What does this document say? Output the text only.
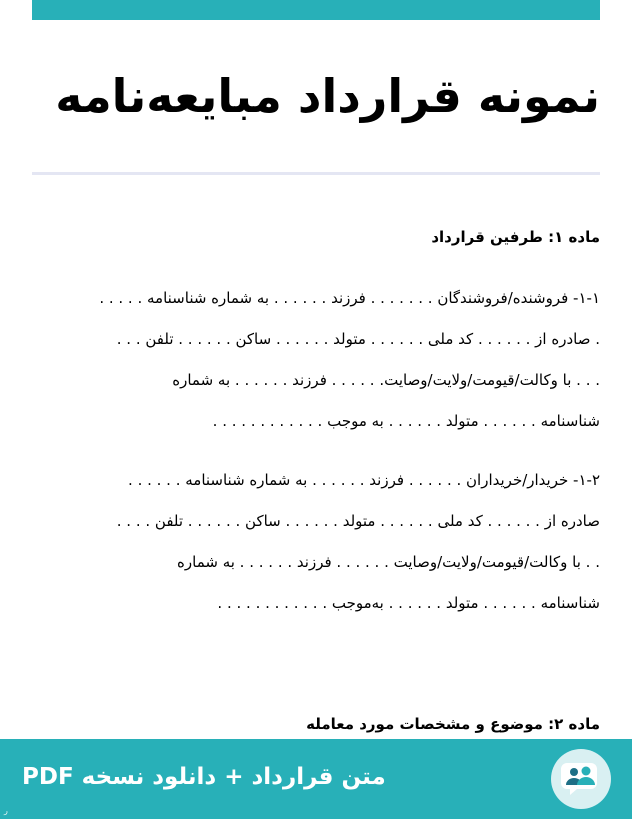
نمونه قرارداد مبایعه‌نامه
ماده ۱: طرفین قرارداد
۱-۱- فروشنده/فروشندگان . . . . . . . فرزند . . . . . . به شماره شناسنامه . . . . .
. صادره از . . . . . . کد ملی . . . . . . متولد . . . . . . ساکن . . . . . . تلفن . . .
. . . با وکالت/قیومت/ولایت/وصایت. . . . . . فرزند . . . . . . به شماره
شناسنامه . . . . . . متولد . . . . . . به موجب . . . . . . . . . . . .
۱-۲- خریدار/خریداران . . . . . . فرزند . . . . . . به شماره شناسنامه . . . . . .
صادره از . . . . . . کد ملی . . . . . . متولد . . . . . . ساکن . . . . . . تلفن . . . .
. . با وکالت/قیومت/ولایت/وصایت . . . . . . فرزند . . . . . . به شماره
شناسنامه . . . . . . متولد . . . . . . به‌موجب . . . . . . . . . . . .
ماده ۲: موضوع و مشخصات مورد معامله
متن قرارداد + دانلود نسخه PDF
ر
